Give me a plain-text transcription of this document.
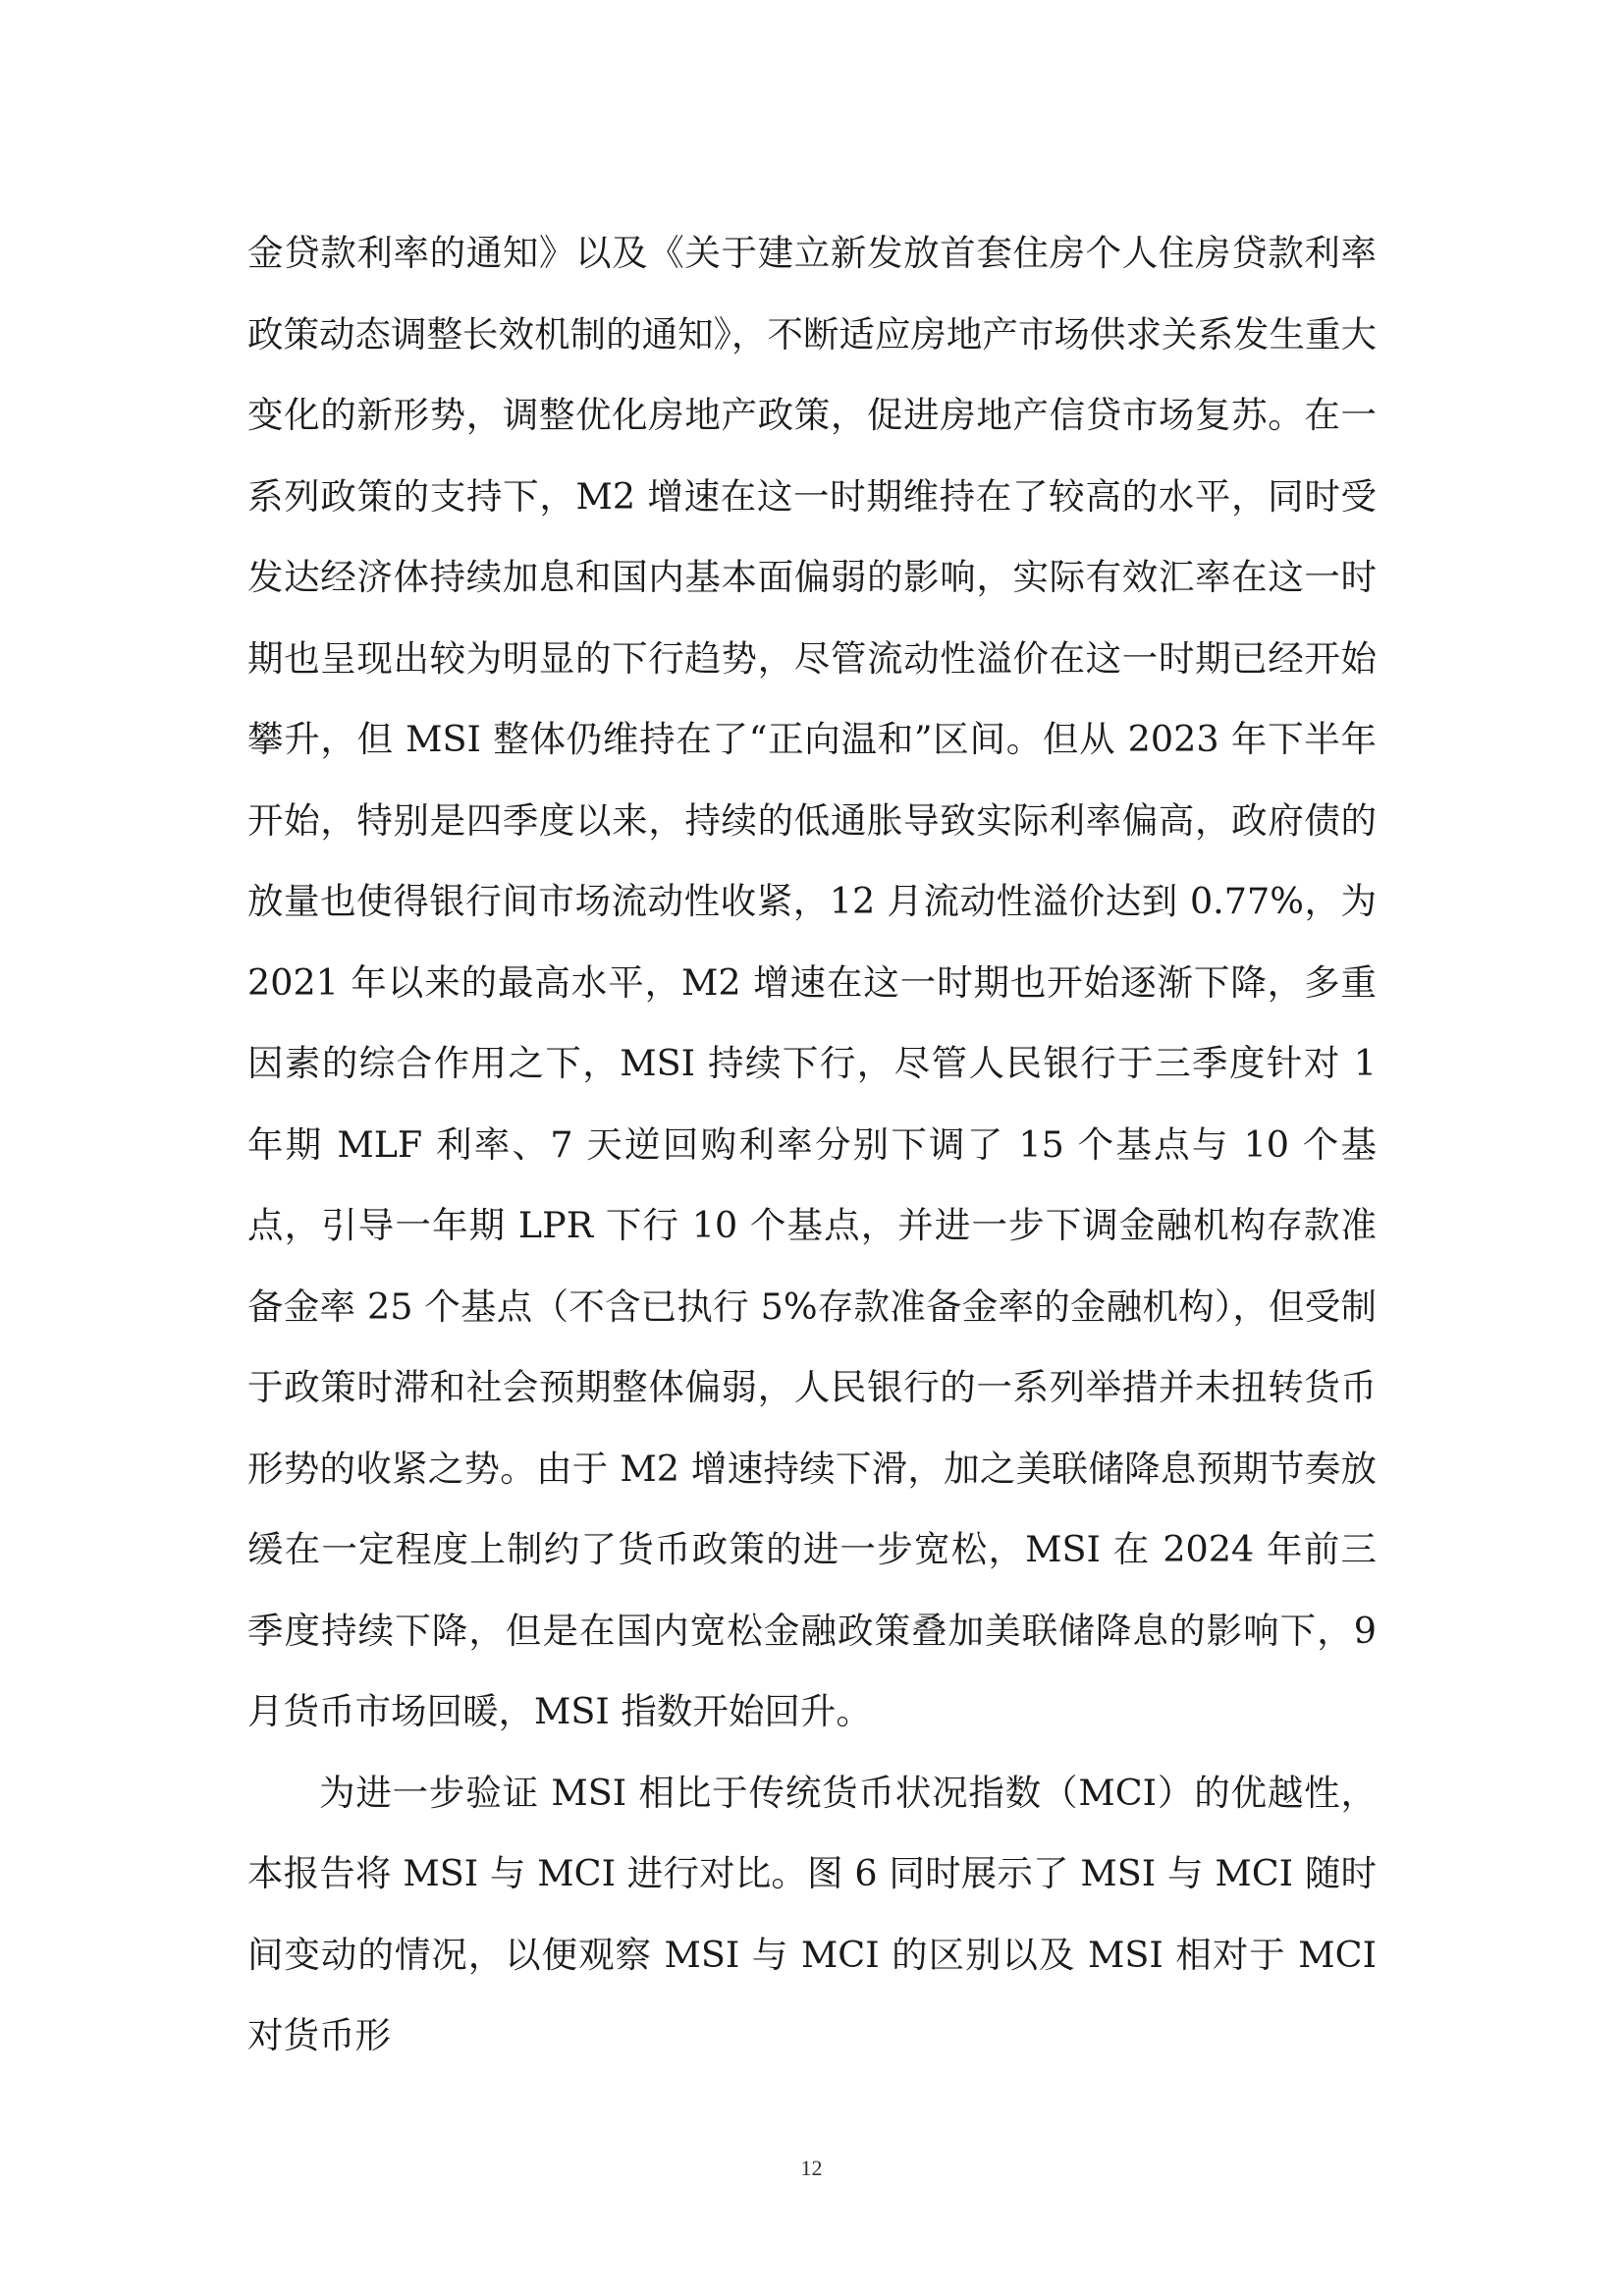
金贷款利率的通知》以及《关于建立新发放首套住房个人住房贷款利率政策动态调整长效机制的通知》，不断适应房地产市场供求关系发生重大变化的新形势，调整优化房地产政策，促进房地产信贷市场复苏。在一系列政策的支持下，M2 增速在这一时期维持在了较高的水平，同时受发达经济体持续加息和国内基本面偏弱的影响，实际有效汇率在这一时期也呈现出较为明显的下行趋势，尽管流动性溢价在这一时期已经开始攀升，但 MSI 整体仍维持在了“正向温和”区间。但从 2023 年下半年开始，特别是四季度以来，持续的低通胀导致实际利率偏高，政府债的放量也使得银行间市场流动性收紧，12 月流动性溢价达到 0.77%，为 2021 年以来的最高水平，M2 增速在这一时期也开始逐渐下降，多重因素的综合作用之下，MSI 持续下行，尽管人民银行于三季度针对 1 年期 MLF 利率、7 天逆回购利率分别下调了 15 个基点与 10 个基点，引导一年期 LPR 下行 10 个基点，并进一步下调金融机构存款准备金率 25 个基点（不含已执行 5%存款准备金率的金融机构），但受制于政策时滞和社会预期整体偏弱，人民银行的一系列举措并未扭转货币形势的收紧之势。由于 M2 增速持续下滑，加之美联储降息预期节奏放缓在一定程度上制约了货币政策的进一步宽松，MSI 在 2024 年前三季度持续下降，但是在国内宽松金融政策叠加美联储降息的影响下，9 月货币市场回暖，MSI 指数开始回升。

为进一步验证 MSI 相比于传统货币状况指数（MCI）的优越性，本报告将 MSI 与 MCI 进行对比。图 6 同时展示了 MSI 与 MCI 随时间变动的情况，以便观察 MSI 与 MCI 的区别以及 MSI 相对于 MCI 对货币形

12
